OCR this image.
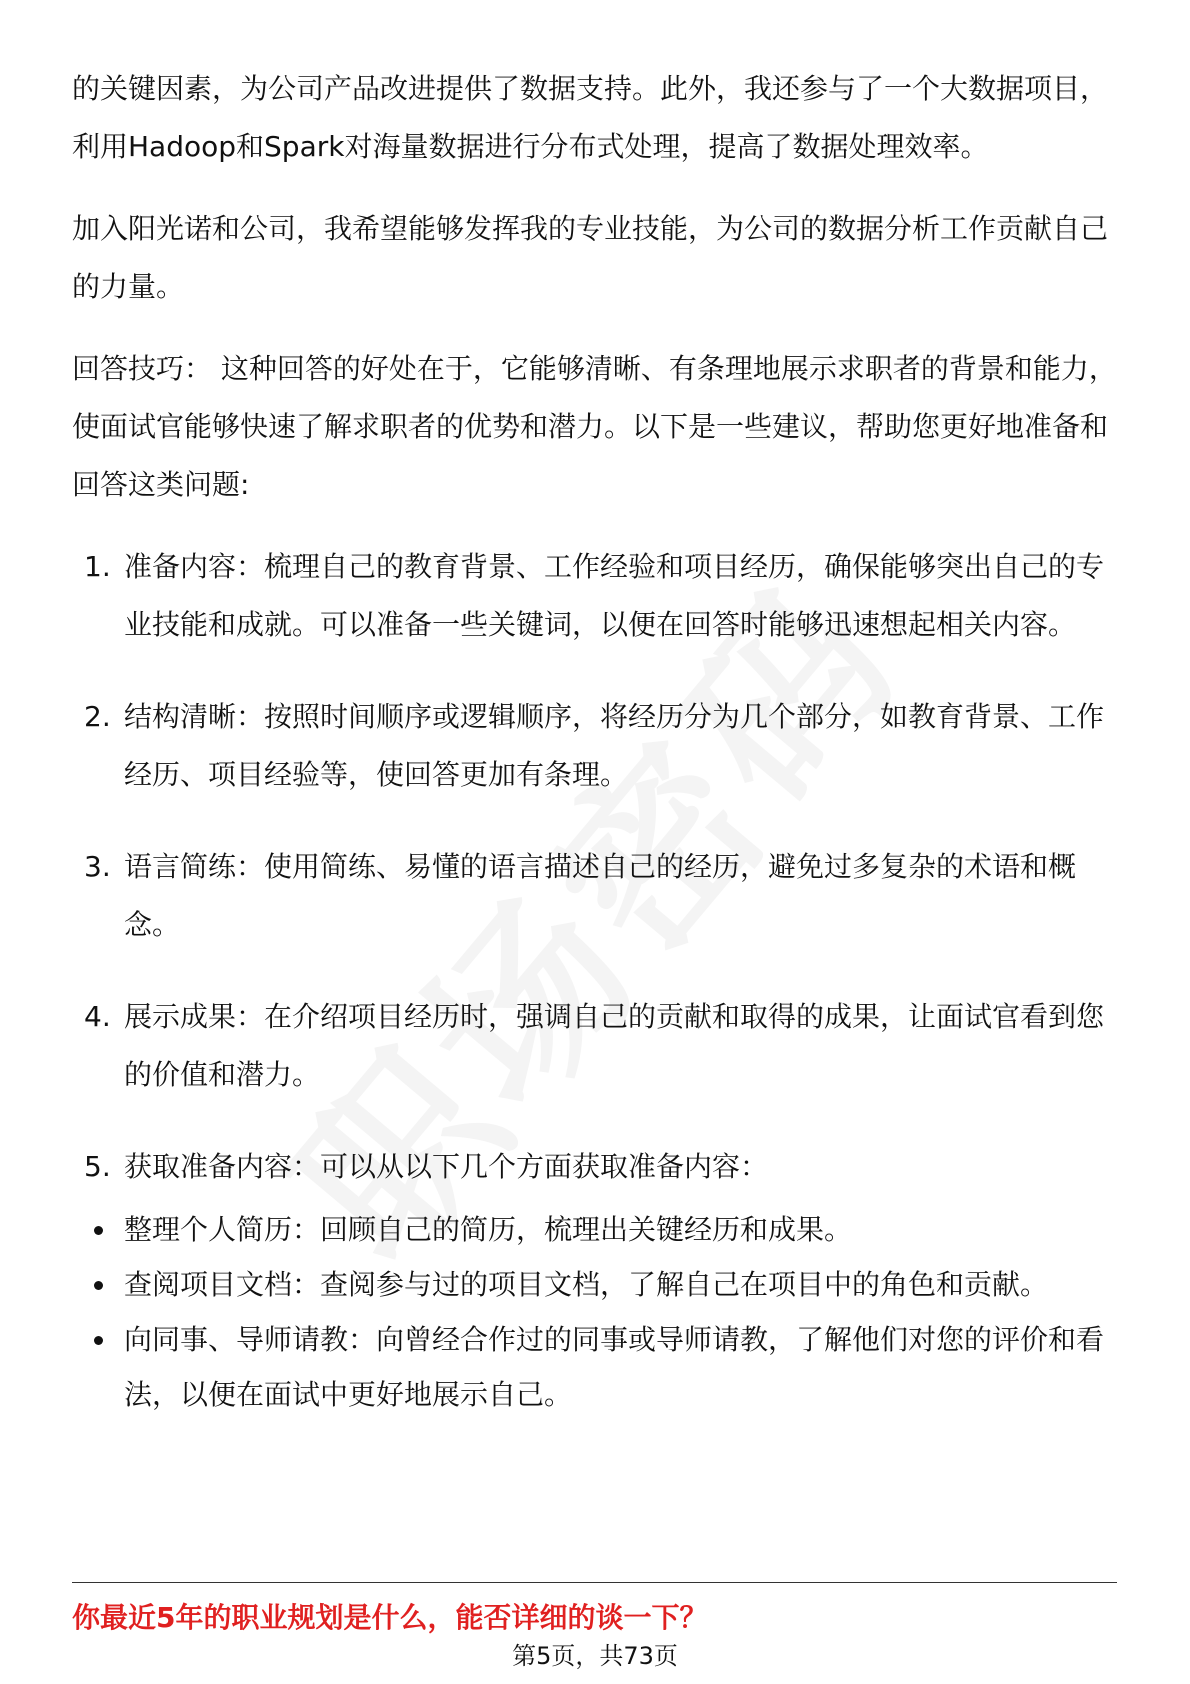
的关键因素，为公司产品改进提供了数据支持。此外，我还参与了一个大数据项目，利用Hadoop和Spark对海量数据进行分布式处理，提高了数据处理效率。

加入阳光诺和公司，我希望能够发挥我的专业技能，为公司的数据分析工作贡献自己的力量。

回答技巧： 这种回答的好处在于，它能够清晰、有条理地展示求职者的背景和能力，使面试官能够快速了解求职者的优势和潜力。以下是一些建议，帮助您更好地准备和回答这类问题:

1. 准备内容：梳理自己的教育背景、工作经验和项目经历，确保能够突出自己的专业技能和成就。可以准备一些关键词，以便在回答时能够迅速想起相关内容。
2. 结构清晰：按照时间顺序或逻辑顺序，将经历分为几个部分，如教育背景、工作经历、项目经验等，使回答更加有条理。
3. 语言简练：使用简练、易懂的语言描述自己的经历，避免过多复杂的术语和概念。
4. 展示成果：在介绍项目经历时，强调自己的贡献和取得的成果，让面试官看到您的价值和潜力。
5. 获取准备内容：可以从以下几个方面获取准备内容：
整理个人简历：回顾自己的简历，梳理出关键经历和成果。
查阅项目文档：查阅参与过的项目文档，了解自己在项目中的角色和贡献。
向同事、导师请教：向曾经合作过的同事或导师请教，了解他们对您的评价和看法，以便在面试中更好地展示自己。
你最近5年的职业规划是什么，能否详细的谈一下？
第5页，共73页
